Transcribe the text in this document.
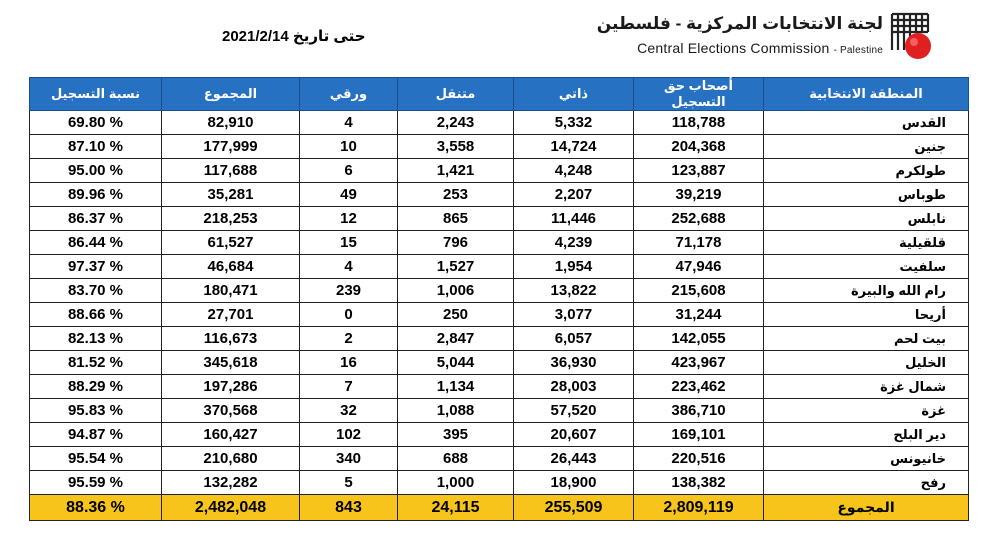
حتى تاريخ 2021/2/14
لجنة الانتخابات المركزية - فلسطين
Central Elections Commission - Palestine
المنطقة الانتخابية	أصحاب حق التسجيل	ذاتي	متنقل	ورقي	المجموع	نسبة التسجيل
القدس	118,788	5,332	2,243	4	82,910	69.80 %
جنين	204,368	14,724	3,558	10	177,999	87.10 %
طولكرم	123,887	4,248	1,421	6	117,688	95.00 %
طوباس	39,219	2,207	253	49	35,281	89.96 %
نابلس	252,688	11,446	865	12	218,253	86.37 %
قلقيلية	71,178	4,239	796	15	61,527	86.44 %
سلفيت	47,946	1,954	1,527	4	46,684	97.37 %
رام الله والبيرة	215,608	13,822	1,006	239	180,471	83.70 %
أريحا	31,244	3,077	250	0	27,701	88.66 %
بيت لحم	142,055	6,057	2,847	2	116,673	82.13 %
الخليل	423,967	36,930	5,044	16	345,618	81.52 %
شمال غزة	223,462	28,003	1,134	7	197,286	88.29 %
غزة	386,710	57,520	1,088	32	370,568	95.83 %
دير البلح	169,101	20,607	395	102	160,427	94.87 %
خانيونس	220,516	26,443	688	340	210,680	95.54 %
رفح	138,382	18,900	1,000	5	132,282	95.59 %
المجموع	2,809,119	255,509	24,115	843	2,482,048	88.36 %
